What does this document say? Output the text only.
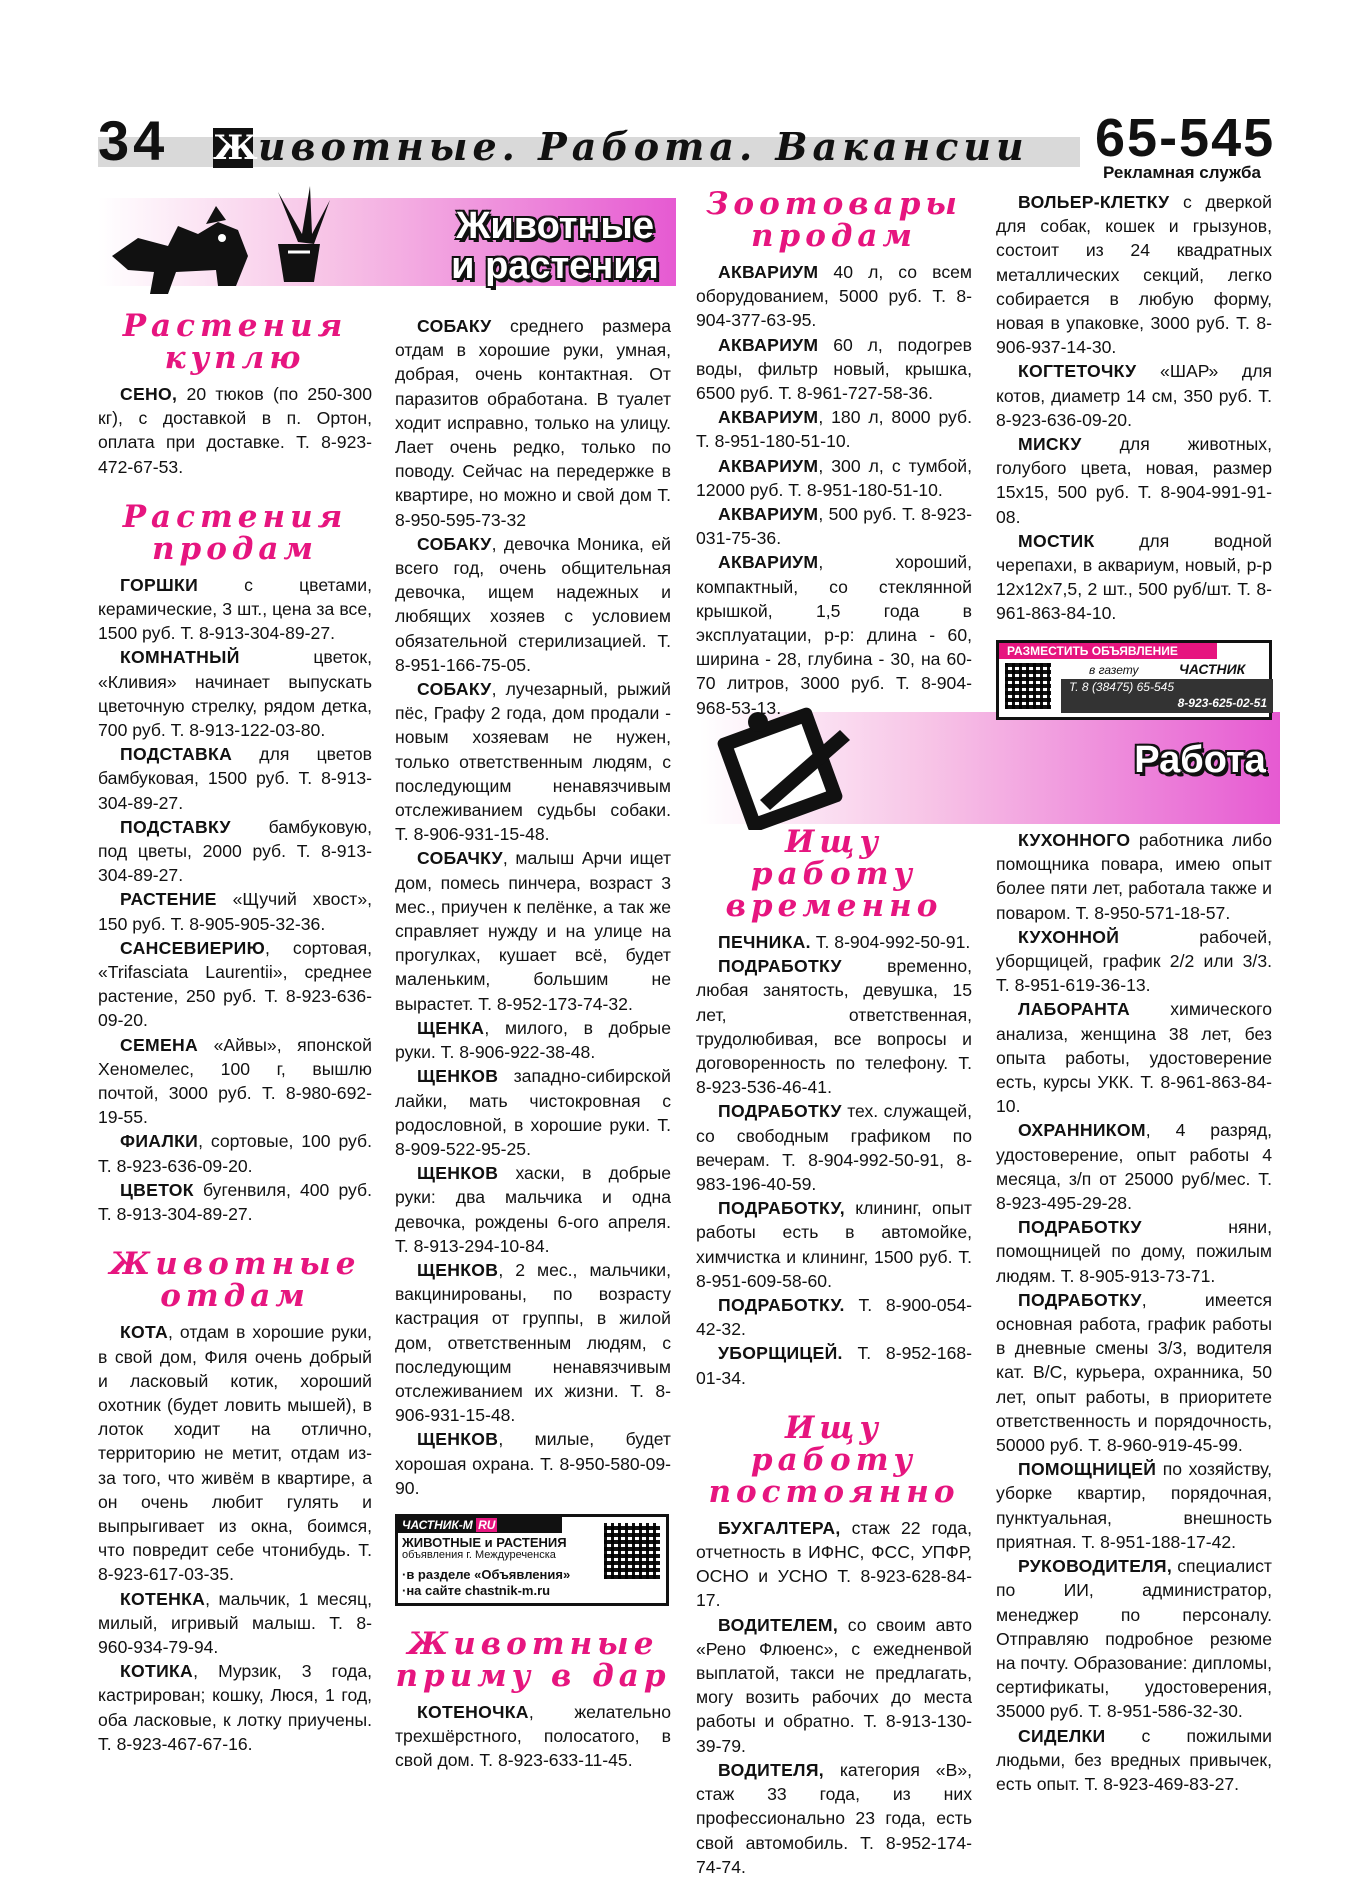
34 Ж ивотные. Работа. Вакансии 65-545
Рекламная служба
Животные
и растения
Работа
Растения
куплю

СЕНО, 20 тюков (по 250-300 кг), с доставкой в п. Ортон, оплата при доставке. Т. 8-923-472-67-53.

Растения
продам

ГОРШКИ с цветами, керамические, 3 шт., цена за все, 1500 руб. Т. 8-913-304-89-27.

КОМНАТНЫЙ цветок, «Кливия» начинает выпускать цветочную стрелку, рядом детка, 700 руб. Т. 8-913-122-03-80.

ПОДСТАВКА для цветов бамбуковая, 1500 руб. Т. 8-913-304-89-27.

ПОДСТАВКУ бамбуковую, под цветы, 2000 руб. Т. 8-913-304-89-27.

РАСТЕНИЕ «Щучий хвост», 150 руб. Т. 8-905-905-32-36.

САНСЕВИЕРИЮ, сортовая, «Trifasciata Laurentii», среднее растение, 250 руб. Т. 8-923-636-09-20.

СЕМЕНА «Айвы», японской Хеномелес, 100 г, вышлю почтой, 3000 руб. Т. 8-980-692-19-55.

ФИАЛКИ, сортовые, 100 руб. Т. 8-923-636-09-20.

ЦВЕТОК бугенвиля, 400 руб. Т. 8-913-304-89-27.

Животные
отдам

КОТА, отдам в хорошие руки, в свой дом, Филя очень добрый и ласковый котик, хороший охотник (будет ловить мышей), в лоток ходит на отлично, территорию не метит, отдам из-за того, что живём в квартире, а он очень любит гулять и выпрыгивает из окна, боимся, что повредит себе чтонибудь. Т. 8-923-617-03-35.

КОТЕНКА, мальчик, 1 месяц, милый, игривый малыш. Т. 8-960-934-79-94.

КОТИКА, Мурзик, 3 года, кастрирован; кошку, Люся, 1 год, оба ласковые, к лотку приучены. Т. 8-923-467-67-16.

СОБАКУ среднего размера отдам в хорошие руки, умная, добрая, очень контактная. От паразитов обработана. В туалет ходит исправно, только на улицу. Лает очень редко, только по поводу. Сейчас на передержке в квартире, но можно и свой дом Т. 8-950-595-73-32

СОБАКУ, девочка Моника, ей всего год, очень общительная девочка, ищем надежных и любящих хозяев с условием обязательной стерилизацией. Т. 8-951-166-75-05.

СОБАКУ, лучезарный, рыжий пёс, Графу 2 года, дом продали - новым хозяевам не нужен, только ответственным людям, с последующим ненавязчивым отслеживанием судьбы собаки. Т. 8-906-931-15-48.

СОБАЧКУ, малыш Арчи ищет дом, помесь пинчера, возраст 3 мес., приучен к пелёнке, а так же справляет нужду и на улице на прогулках, кушает всё, будет маленьким, большим не вырастет. Т. 8-952-173-74-32.

ЩЕНКА, милого, в добрые руки. Т. 8-906-922-38-48.

ЩЕНКОВ западно-сибирской лайки, мать чистокровная с родословной, в хорошие руки. Т. 8-909-522-95-25.

ЩЕНКОВ хаски, в добрые руки: два мальчика и одна девочка, рождены 6-ого апреля. Т. 8-913-294-10-84.

ЩЕНКОВ, 2 мес., мальчики, вакцинированы, по возрасту кастрация от группы, в жилой дом, ответственным людям, с последующим ненавязчивым отслеживанием их жизни. Т. 8-906-931-15-48.

ЩЕНКОВ, милые, будет хорошая охрана. Т. 8-950-580-09-90.

ЧАСТНИК-М RU
ЖИВОТНЫЕ и РАСТЕНИЯ
объявления г. Междуреченска
·в разделе «Объявления»
·на сайте chastnik-m.ru
Животные
приму в дар

КОТЕНОЧКА, желательно трехшёрстного, полосатого, в свой дом. Т. 8-923-633-11-45.

Зоотовары
продам

АКВАРИУМ 40 л, со всем оборудованием, 5000 руб. Т. 8-904-377-63-95.

АКВАРИУМ 60 л, подогрев воды, фильтр новый, крышка, 6500 руб. Т. 8-961-727-58-36.

АКВАРИУМ, 180 л, 8000 руб. Т. 8-951-180-51-10.

АКВАРИУМ, 300 л, с тумбой, 12000 руб. Т. 8-951-180-51-10.

АКВАРИУМ, 500 руб. Т. 8-923-031-75-36.

АКВАРИУМ, хороший, компактный, со стеклянной крышкой, 1,5 года в эксплуатации, р-р: длина - 60, ширина - 28, глубина - 30, на 60-70 литров, 3000 руб. Т. 8-904-968-53-13.

Ищу работу
временно

ПЕЧНИКА. Т. 8-904-992-50-91.

ПОДРАБОТКУ временно, любая занятость, девушка, 15 лет, ответственная, трудолюбивая, все вопросы и договоренность по телефону. Т. 8-923-536-46-41.

ПОДРАБОТКУ тех. служащей, со свободным графиком по вечерам. Т. 8-904-992-50-91, 8-983-196-40-59.

ПОДРАБОТКУ, клининг, опыт работы есть в автомойке, химчистка и клининг, 1500 руб. Т. 8-951-609-58-60.

ПОДРАБОТКУ. Т. 8-900-054-42-32.

УБОРЩИЦЕЙ. Т. 8-952-168-01-34.

Ищу работу
постоянно

БУХГАЛТЕРА, стаж 22 года, отчетность в ИФНС, ФСС, УПФР, ОСНО и УСНО Т. 8-923-628-84-17.

ВОДИТЕЛЕМ, со своим авто «Рено Флюенс», с ежедненвой выплатой, такси не предлагать, могу возить рабочих до места работы и обратно. Т. 8-913-130-39-79.

ВОДИТЕЛЯ, категория «В», стаж 33 года, из них профессионально 23 года, есть свой автомобиль. Т. 8-952-174-74-74.

ВОЛЬЕР-КЛЕТКУ с дверкой для собак, кошек и грызунов, состоит из 24 квадратных металлических секций, легко собирается в любую форму, новая в упаковке, 3000 руб. Т. 8-906-937-14-30.

КОГТЕТОЧКУ «ШАР» для котов, диаметр 14 см, 350 руб. Т. 8-923-636-09-20.

МИСКУ для животных, голубого цвета, новая, размер 15х15, 500 руб. Т. 8-904-991-91-08.

МОСТИК для водной черепахи, в аквариум, новый, р-р 12х12х7,5, 2 шт., 500 руб/шт. Т. 8-961-863-84-10.

РАЗМЕСТИТЬ ОБЪЯВЛЕНИЕ
в газету	ЧАСТНИК
Т. 8 (38475) 65-545
8-923-625-02-51

КУХОННОГО работника либо помощника повара, имею опыт более пяти лет, работала также и поваром. Т. 8-950-571-18-57.

КУХОННОЙ рабочей, уборщицей, график 2/2 или 3/3. Т. 8-951-619-36-13.

ЛАБОРАНТА химического анализа, женщина 38 лет, без опыта работы, удостоверение есть, курсы УКК. Т. 8-961-863-84-10.

ОХРАННИКОМ, 4 разряд, удостоверение, опыт работы 4 месяца, з/п от 25000 руб/мес. Т. 8-923-495-29-28.

ПОДРАБОТКУ няни, помощницей по дому, пожилым людям. Т. 8-905-913-73-71.

ПОДРАБОТКУ, имеется основная работа, график работы в дневные смены 3/3, водителя кат. В/С, курьера, охранника, 50 лет, опыт работы, в приоритете ответственность и порядочность, 50000 руб. Т. 8-960-919-45-99.

ПОМОЩНИЦЕЙ по хозяйству, уборке квартир, порядочная, пунктуальная, внешность приятная. Т. 8-951-188-17-42.

РУКОВОДИТЕЛЯ, специалист по ИИ, администратор, менеджер по персоналу. Отправляю подробное резюме на почту. Образование: дипломы, сертификаты, удостоверения, 35000 руб. Т. 8-951-586-32-30.

СИДЕЛКИ с пожилыми людьми, без вредных привычек, есть опыт. Т. 8-923-469-83-27.
